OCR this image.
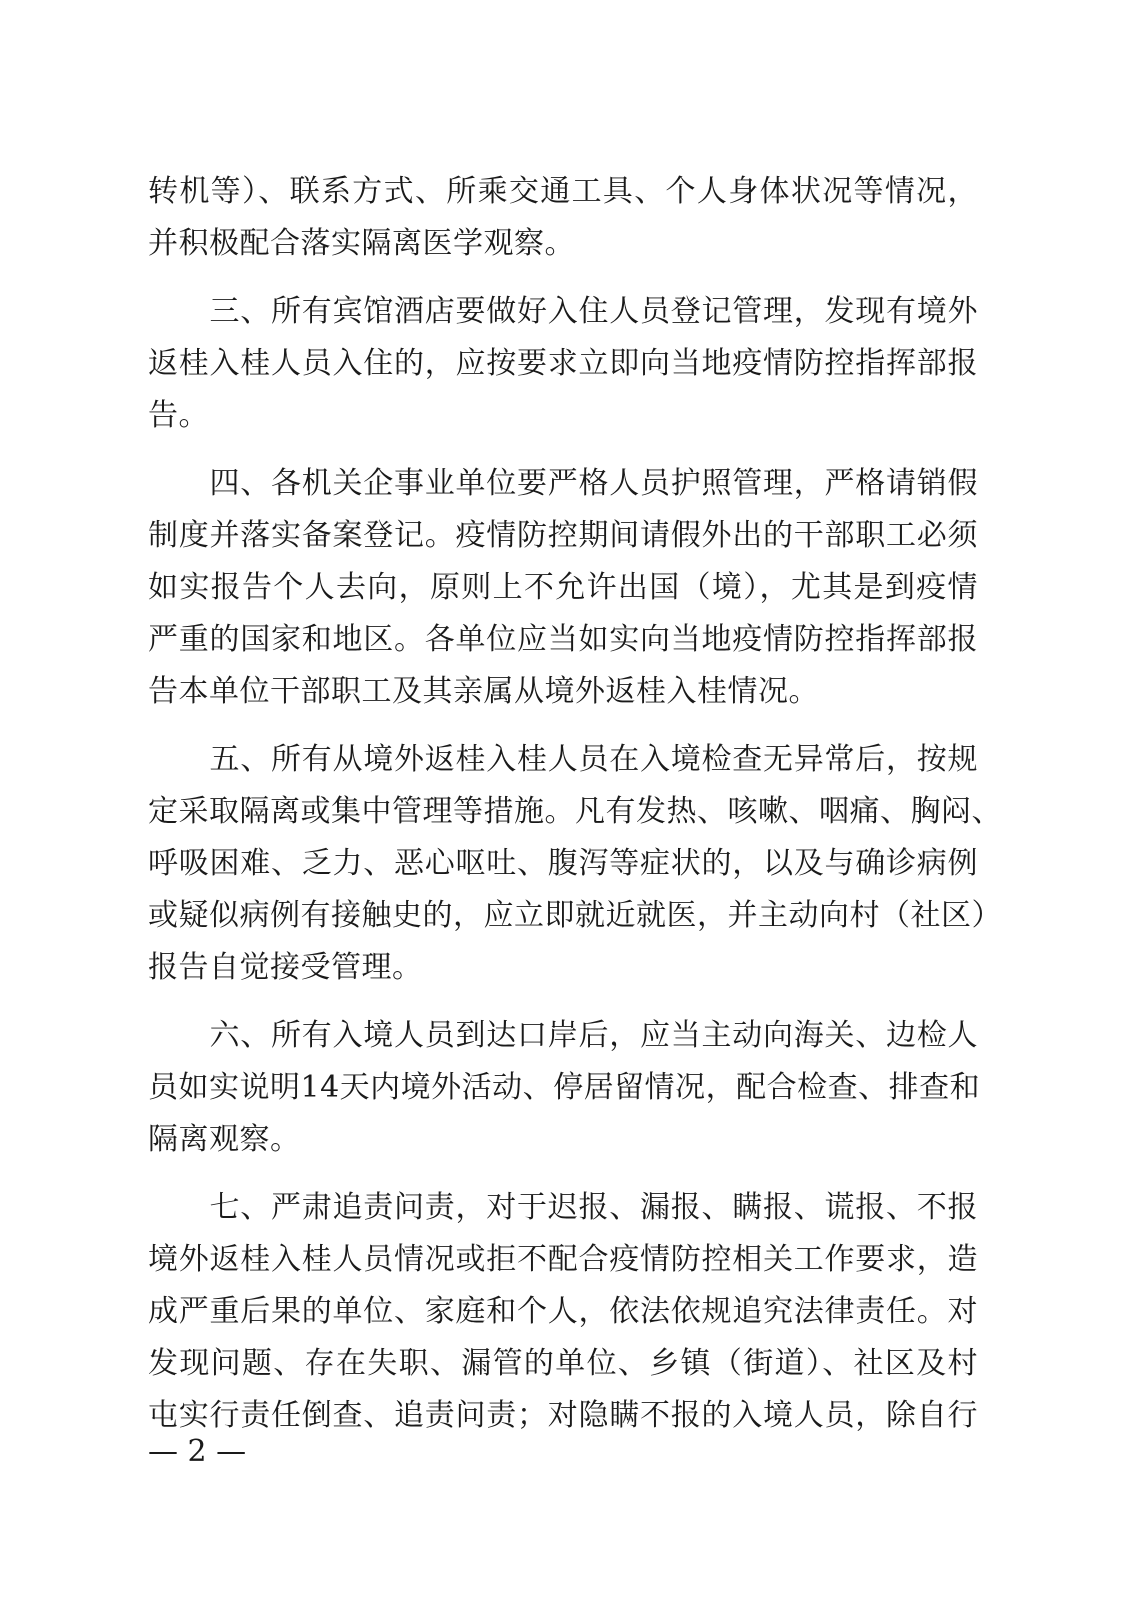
转机等）、联系方式、所乘交通工具、个人身体状况等情况，
并积极配合落实隔离医学观察。
　　三、所有宾馆酒店要做好入住人员登记管理，发现有境外
返桂入桂人员入住的，应按要求立即向当地疫情防控指挥部报
告。
　　四、各机关企事业单位要严格人员护照管理，严格请销假
制度并落实备案登记。疫情防控期间请假外出的干部职工必须
如实报告个人去向，原则上不允许出国（境），尤其是到疫情
严重的国家和地区。各单位应当如实向当地疫情防控指挥部报
告本单位干部职工及其亲属从境外返桂入桂情况。
　　五、所有从境外返桂入桂人员在入境检查无异常后，按规
定采取隔离或集中管理等措施。凡有发热、咳嗽、咽痛、胸闷、
呼吸困难、乏力、恶心呕吐、腹泻等症状的，以及与确诊病例
或疑似病例有接触史的，应立即就近就医，并主动向村（社区）
报告自觉接受管理。
　　六、所有入境人员到达口岸后，应当主动向海关、边检人
员如实说明14天内境外活动、停居留情况，配合检查、排查和
隔离观察。
　　七、严肃追责问责，对于迟报、漏报、瞒报、谎报、不报
境外返桂入桂人员情况或拒不配合疫情防控相关工作要求，造
成严重后果的单位、家庭和个人，依法依规追究法律责任。对
发现问题、存在失职、漏管的单位、乡镇（街道）、社区及村
屯实行责任倒查、追责问责；对隐瞒不报的入境人员，除自行
— 2 —
